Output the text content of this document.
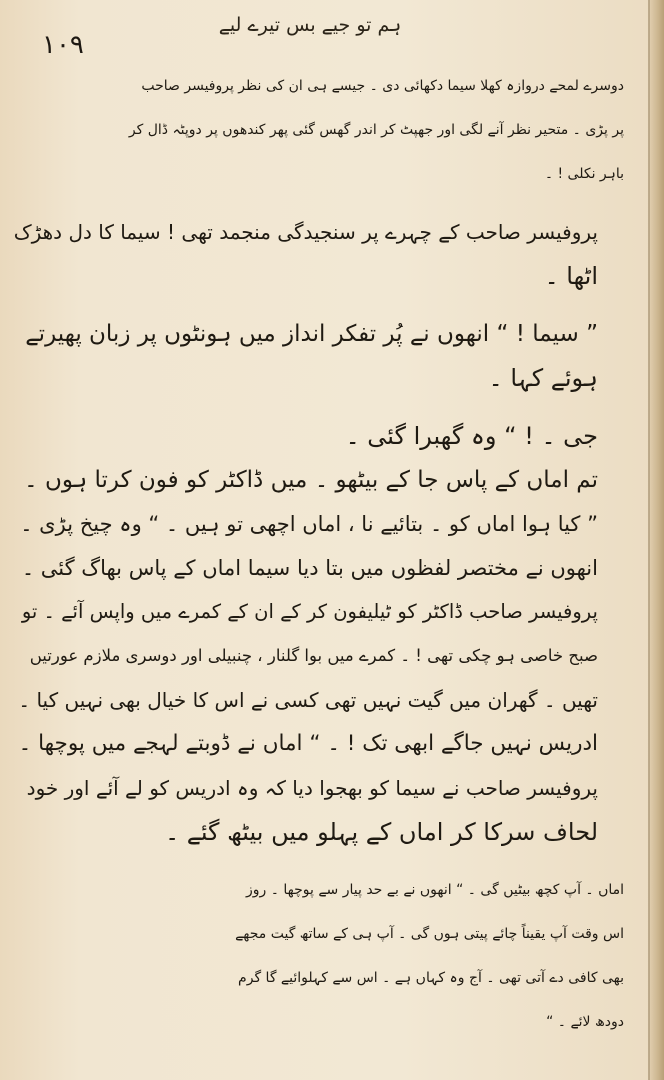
ہم تو جیے بس تیرے لیے
۱۰۹
دوسرے لمحے دروازہ کھلا سیما دکھائی دی ۔ جیسے ہی ان کی نظر پروفیسر صاحب
پر پڑی ۔ متحیر نظر آنے لگی اور جھپٹ کر اندر گھس گئی پھر کندھوں پر دوپٹہ ڈال کر
باہر نکلی ! ۔
پروفیسر صاحب کے چہرے پر سنجیدگی منجمد تھی ! سیما کا دل دھڑک
اٹھا ۔
” سیما ! “ انھوں نے پُر تفکر انداز میں ہونٹوں پر زبان پھیرتے
ہوئے کہا ۔
جی ۔ ! “ وہ گھبرا گئی ۔
تم اماں کے پاس جا کے بیٹھو ۔ میں ڈاکٹر کو فون کرتا ہوں ۔
” کیا ہوا اماں کو ۔ بتائیے نا ، اماں اچھی تو ہیں ۔ “ وہ چیخ پڑی ۔
انھوں نے مختصر لفظوں میں بتا دیا سیما اماں کے پاس بھاگ گئی ۔
پروفیسر صاحب ڈاکٹر کو ٹیلیفون کر کے ان کے کمرے میں واپس آئے ۔ تو
صبح خاصی ہو چکی تھی ! ۔ کمرے میں بوا گلنار ، چنبیلی اور دوسری ملازم عورتیں
تھیں ۔ گھران میں گیت نہیں تھی کسی نے اس کا خیال بھی نہیں کیا ۔
ادریس نہیں جاگے ابھی تک ! ۔ “ اماں نے ڈوبتے لہجے میں پوچھا ۔
پروفیسر صاحب نے سیما کو بھجوا دیا کہ وہ ادریس کو لے آئے اور خود
لحاف سرکا کر اماں کے پہلو میں بیٹھ گئے ۔
اماں ۔ آپ کچھ بیٹیں گی ۔ “ انھوں نے بے حد پیار سے پوچھا ۔ روز
اس وقت آپ یقیناً چائے پیتی ہوں گی ۔ آپ ہی کے ساتھ گیت مجھے
بھی کافی دے آتی تھی ۔ آج وہ کہاں ہے ۔ اس سے کہلوائیے گا گرم
دودھ لائے ۔ “
